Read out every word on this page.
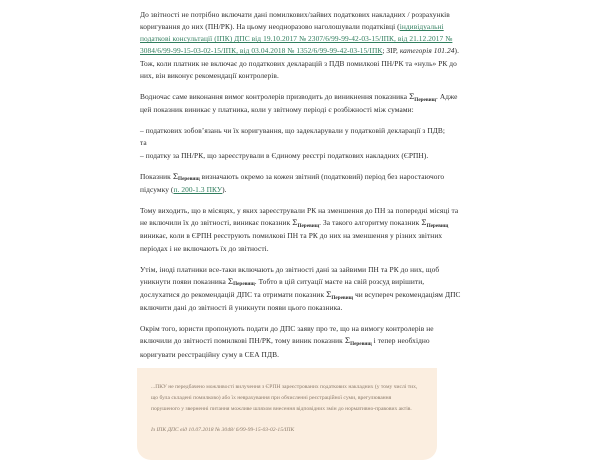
До звітності не потрібно включати дані помилкових/зайвих податкових накладних / розрахунків коригування до них (ПН/РК). На цьому неодноразово наголошували податківці (індивідуальні податкові консультації (ІПК) ДПС від 19.10.2017 № 2307/6/99-99-42-03-15/ІПК, від 21.12.2017 № 3084/6/99-99-15-03-02-15/ІПК, від 03.04.2018 № 1352/6/99-99-42-03-15/ІПК; ЗІР, категорія 101.24). Тож, коли платник не включає до податкових декларацій з ПДВ помилкові ПН/РК та «нуль» РК до них, він виконує рекомендації контролерів.

Водночас саме виконання вимог контролерів призводить до виникнення показника $\Sigma_{Перевищ}$. Адже цей показник виникає у платника, коли у звітному періоді є розбіжності між сумами:

– податкових зобов’язань чи їх коригування, що задекларували у податковій декларації з ПДВ;

та

– податку за ПН/РК, що зареєстрували в Єдиному реєстрі податкових накладних (ЄРПН).

Показник $\Sigma_{Перевищ}$ визначають окремо за кожен звітний (податковий) період без наростаючого підсумку (п. 200-1.3 ПКУ).

Тому виходить, що в місяцях, у яких зареєстрували РК на зменшення до ПН за попередні місяці та не включили їх до звітності, виникає показник $\Sigma_{Перевищ}$. За такого алгоритму показник $\Sigma_{Перевищ}$ виникає, коли в ЄРПН реєструють помилкові ПН та РК до них на зменшення у різних звітних періодах і не включають їх до звітності.

Утім, іноді платники все-таки включають до звітності дані за зайвими ПН та РК до них, щоб уникнути появи показника $\Sigma_{Перевищ}$. Тобто в цій ситуації маєте на свій розсуд вирішити, дослухатися до рекомендацій ДПС та отримати показник $\Sigma_{Перевищ}$ чи всупереч рекомендаціям ДПС включити дані до звітності й уникнути появи цього показника.

Окрім того, юристи пропонують подати до ДПС заяву про те, що на вимогу контролерів не включили до звітності помилкові ПН/РК, тому виник показник $\Sigma_{Перевищ}$ і тепер необхідно коригувати реєстраційну суму в СЕА ПДВ.

...ПКУ не передбачено можливості вилучення з ЄРПН зареєстрованих податкових накладних (у тому числі тих, що була складені помилково) або їх неврахування при обчисленні реєстраційної суми, врегулювання порушеного у зверненні питання можливе шляхом внесення відповідних змін до нормативно-правових актів.

Із ІПК ДПС від 10.07.2018 № 3048/ 6/99-99-15-03-02-15/ІПК
